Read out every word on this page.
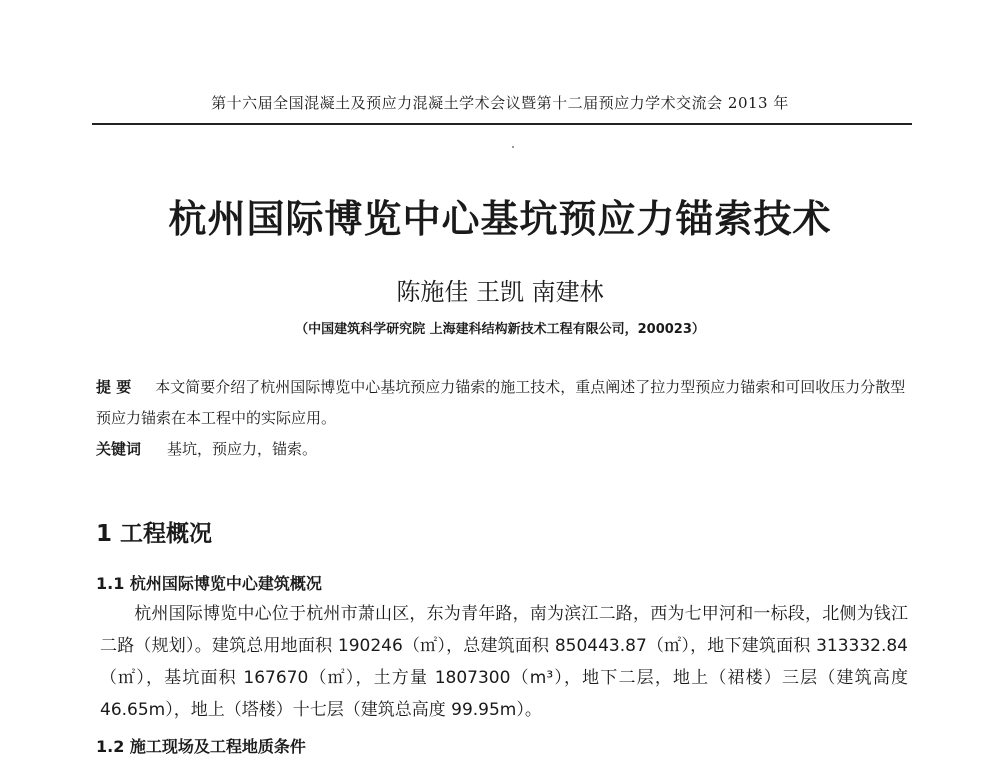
第十六届全国混凝土及预应力混凝土学术会议暨第十二届预应力学术交流会 2013 年
杭州国际博览中心基坑预应力锚索技术
陈施佳 王凯 南建林
（中国建筑科学研究院 上海建科结构新技术工程有限公司，200023）
提 要 本文简要介绍了杭州国际博览中心基坑预应力锚索的施工技术，重点阐述了拉力型预应力锚索和可回收压力分散型预应力锚索在本工程中的实际应用。
关键词 基坑，预应力，锚索。
1 工程概况
1.1 杭州国际博览中心建筑概况
杭州国际博览中心位于杭州市萧山区，东为青年路，南为滨江二路，西为七甲河和一标段，北侧为钱江二路（规划）。建筑总用地面积 190246（㎡），总建筑面积 850443.87（㎡），地下建筑面积 313332.84（㎡），基坑面积 167670（㎡），土方量 1807300（m³），地下二层，地上（裙楼）三层（建筑高度 46.65m），地上（塔楼）十七层（建筑总高度 99.95m）。
1.2 施工现场及工程地质条件
